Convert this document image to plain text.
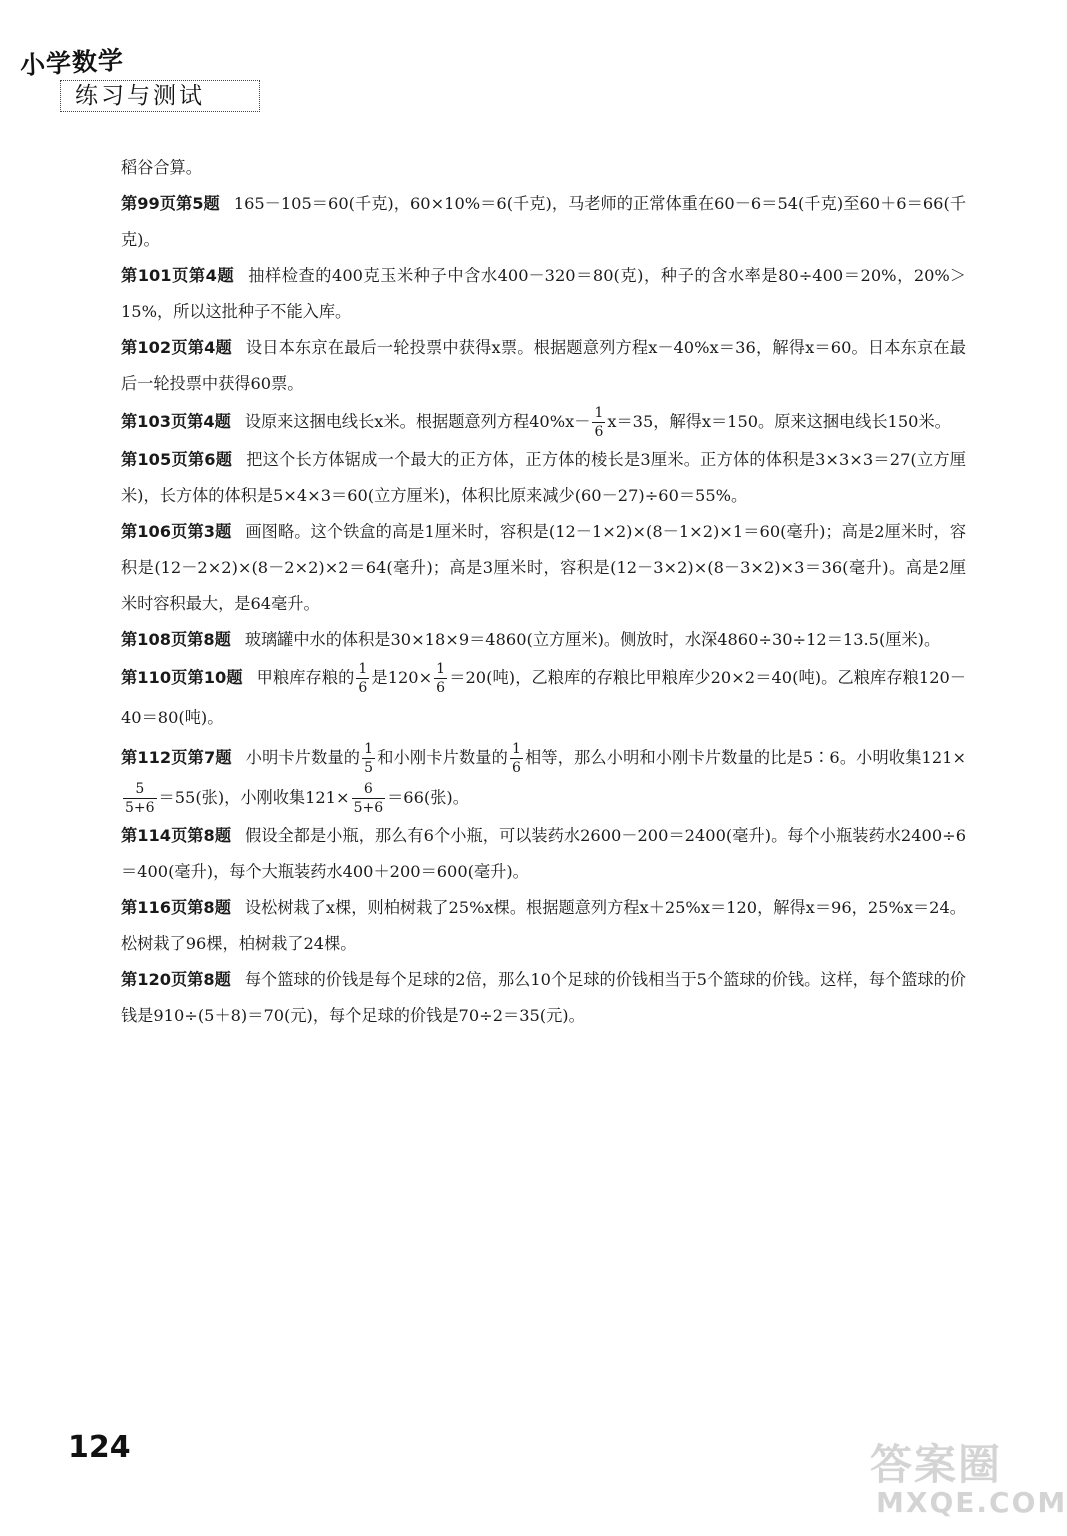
小学数学
练习与测试

稻谷合算。

第99页第5题 165－105＝60(千克)，60×10%＝6(千克)，马老师的正常体重在60－6＝54(千克)至60＋6＝66(千克)。

第101页第4题 抽样检查的400克玉米种子中含水400－320＝80(克)，种子的含水率是80÷400＝20%，20%＞15%，所以这批种子不能入库。

第102页第4题 设日本东京在最后一轮投票中获得x票。根据题意列方程x－40%x＝36，解得x＝60。日本东京在最后一轮投票中获得60票。

第103页第4题 设原来这捆电线长x米。根据题意列方程$40\%x- \frac{1}{6} x=35$，解得x＝150。原来这捆电线长150米。

第105页第6题 把这个长方体锯成一个最大的正方体，正方体的棱长是3厘米。正方体的体积是3×3×3＝27(立方厘米)，长方体的体积是5×4×3＝60(立方厘米)，体积比原来减少(60－27)÷60＝55%。

第106页第3题 画图略。这个铁盒的高是1厘米时，容积是(12－1×2)×(8－1×2)×1＝60(毫升)；高是2厘米时，容积是(12－2×2)×(8－2×2)×2＝64(毫升)；高是3厘米时，容积是(12－3×2)×(8－3×2)×3＝36(毫升)。高是2厘米时容积最大，是64毫升。

第108页第8题 玻璃罐中水的体积是30×18×9＝4860(立方厘米)。侧放时，水深4860÷30÷12＝13.5(厘米)。

第110页第10题 甲粮库存粮的 $\frac{1}{6}$ 是$120\times \frac{1}{6} =20$(吨)，乙粮库的存粮比甲粮库少20×2＝40(吨)。乙粮库存粮120－40＝80(吨)。

第112页第7题 小明卡片数量的 $\frac{1}{5}$ 和小刚卡片数量的 $\frac{1}{6}$ 相等，那么小明和小刚卡片数量的比是5∶6。小明收集121×
$\frac{5}{5+6} =55$(张)，小刚收集$121\times \frac{6}{5+6} =66$(张)。

第114页第8题 假设全都是小瓶，那么有6个小瓶，可以装药水2600－200＝2400(毫升)。每个小瓶装药水2400÷6＝400(毫升)，每个大瓶装药水400＋200＝600(毫升)。

第116页第8题 设松树栽了x棵，则柏树栽了25%x棵。根据题意列方程x＋25%x＝120，解得x＝96，25%x＝24。松树栽了96棵，柏树栽了24棵。

第120页第8题 每个篮球的价钱是每个足球的2倍，那么10个足球的价钱相当于5个篮球的价钱。这样，每个篮球的价钱是910÷(5＋8)＝70(元)，每个足球的价钱是70÷2＝35(元)。

124	答案圈
MXQE.COM
